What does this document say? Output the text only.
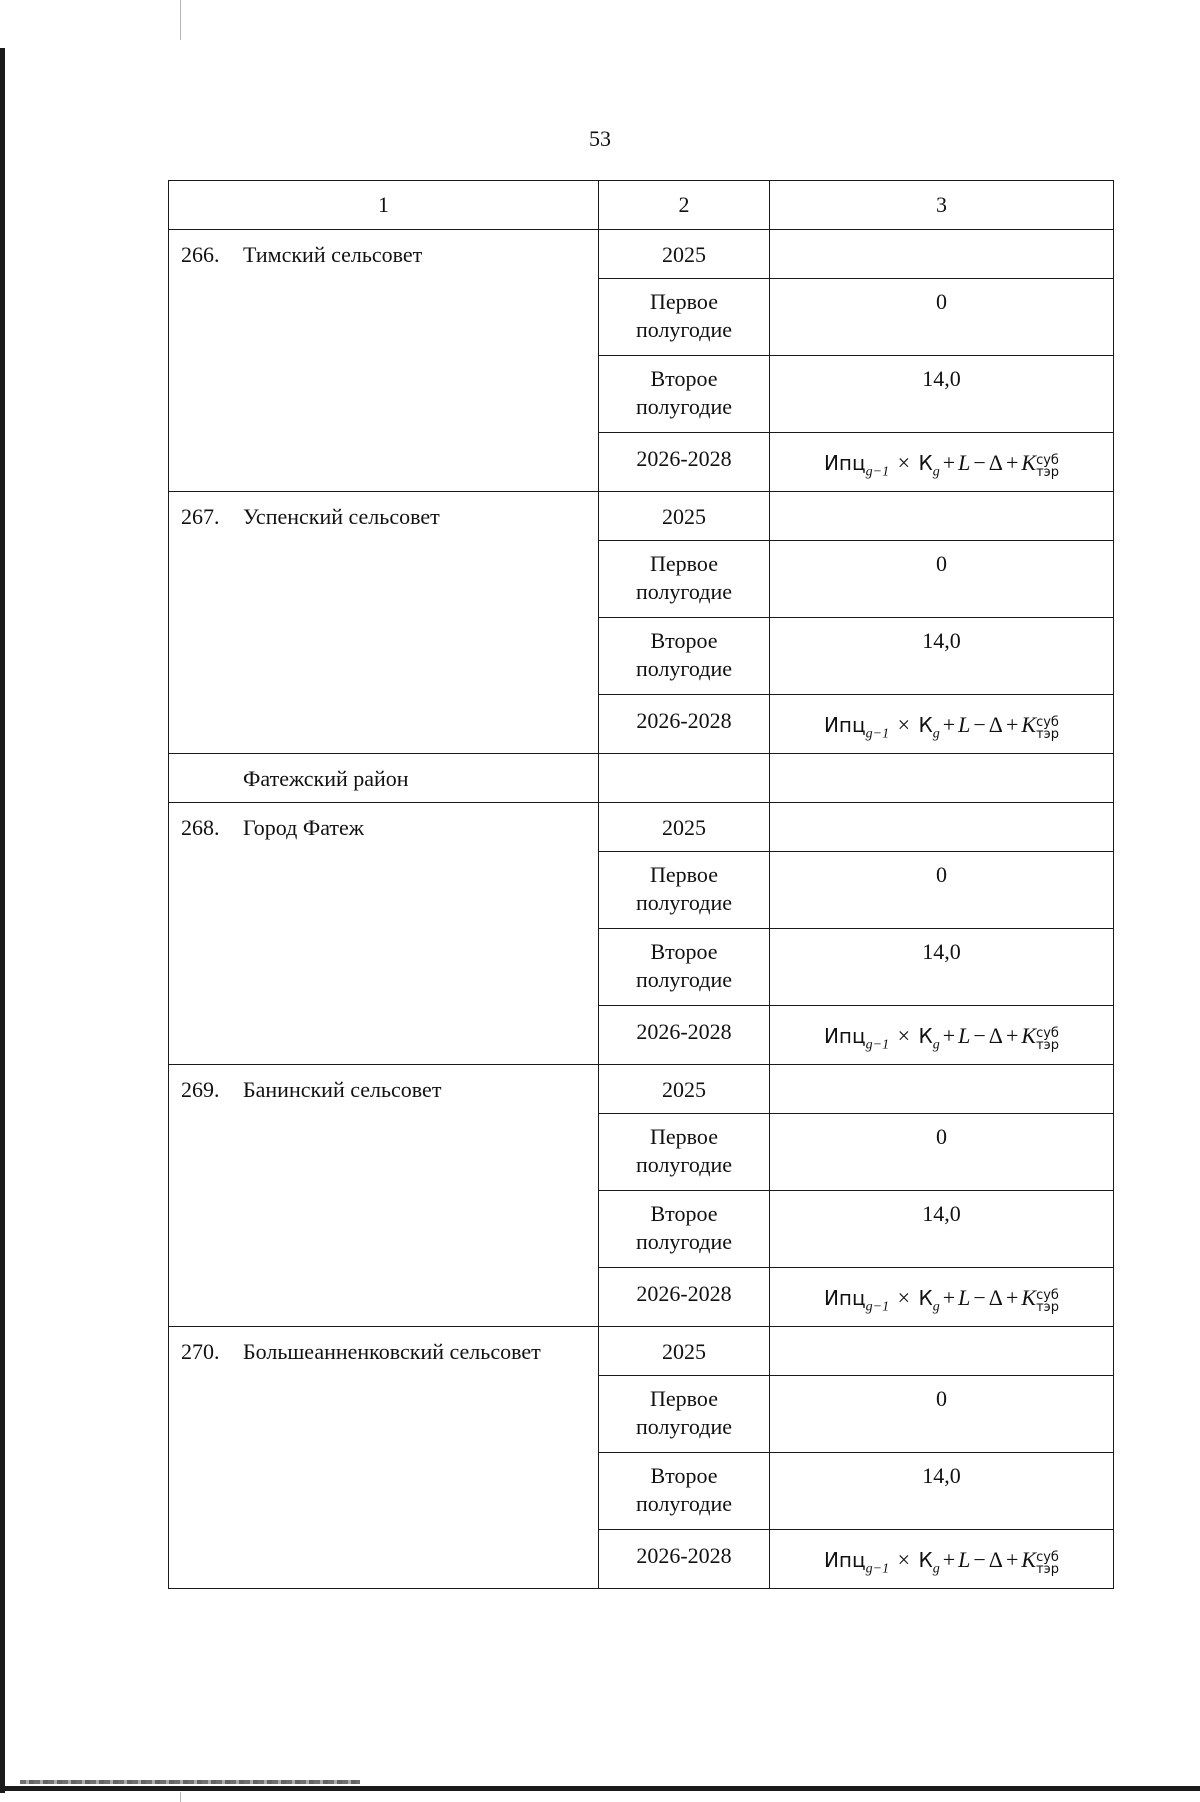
53
1	2	3

266. Тимский сельсовет	2025	

	Первое полугодие	0

	Второе полугодие	14,0

	2026-2028	$Ипц_{g-1} \times К_g + L - \Delta + K$ суб
тэр

267. Успенский сельсовет	2025	

	Первое полугодие	0

	Второе полугодие	14,0

	2026-2028	$Ипц_{g-1} \times К_g + L - \Delta + K$ суб
тэр

Фатежский район		

268. Город Фатеж	2025	

	Первое полугодие	0

	Второе полугодие	14,0

	2026-2028	$Ипц_{g-1} \times К_g + L - \Delta + K$ суб
тэр

269. Банинский сельсовет	2025	

	Первое полугодие	0

	Второе полугодие	14,0

	2026-2028	$Ипц_{g-1} \times К_g + L - \Delta + K$ суб
тэр

270. Большеанненковский сельсовет	2025	

	Первое полугодие	0

	Второе полугодие	14,0

	2026-2028	$Ипц_{g-1} \times К_g + L - \Delta + K$ суб
тэр
